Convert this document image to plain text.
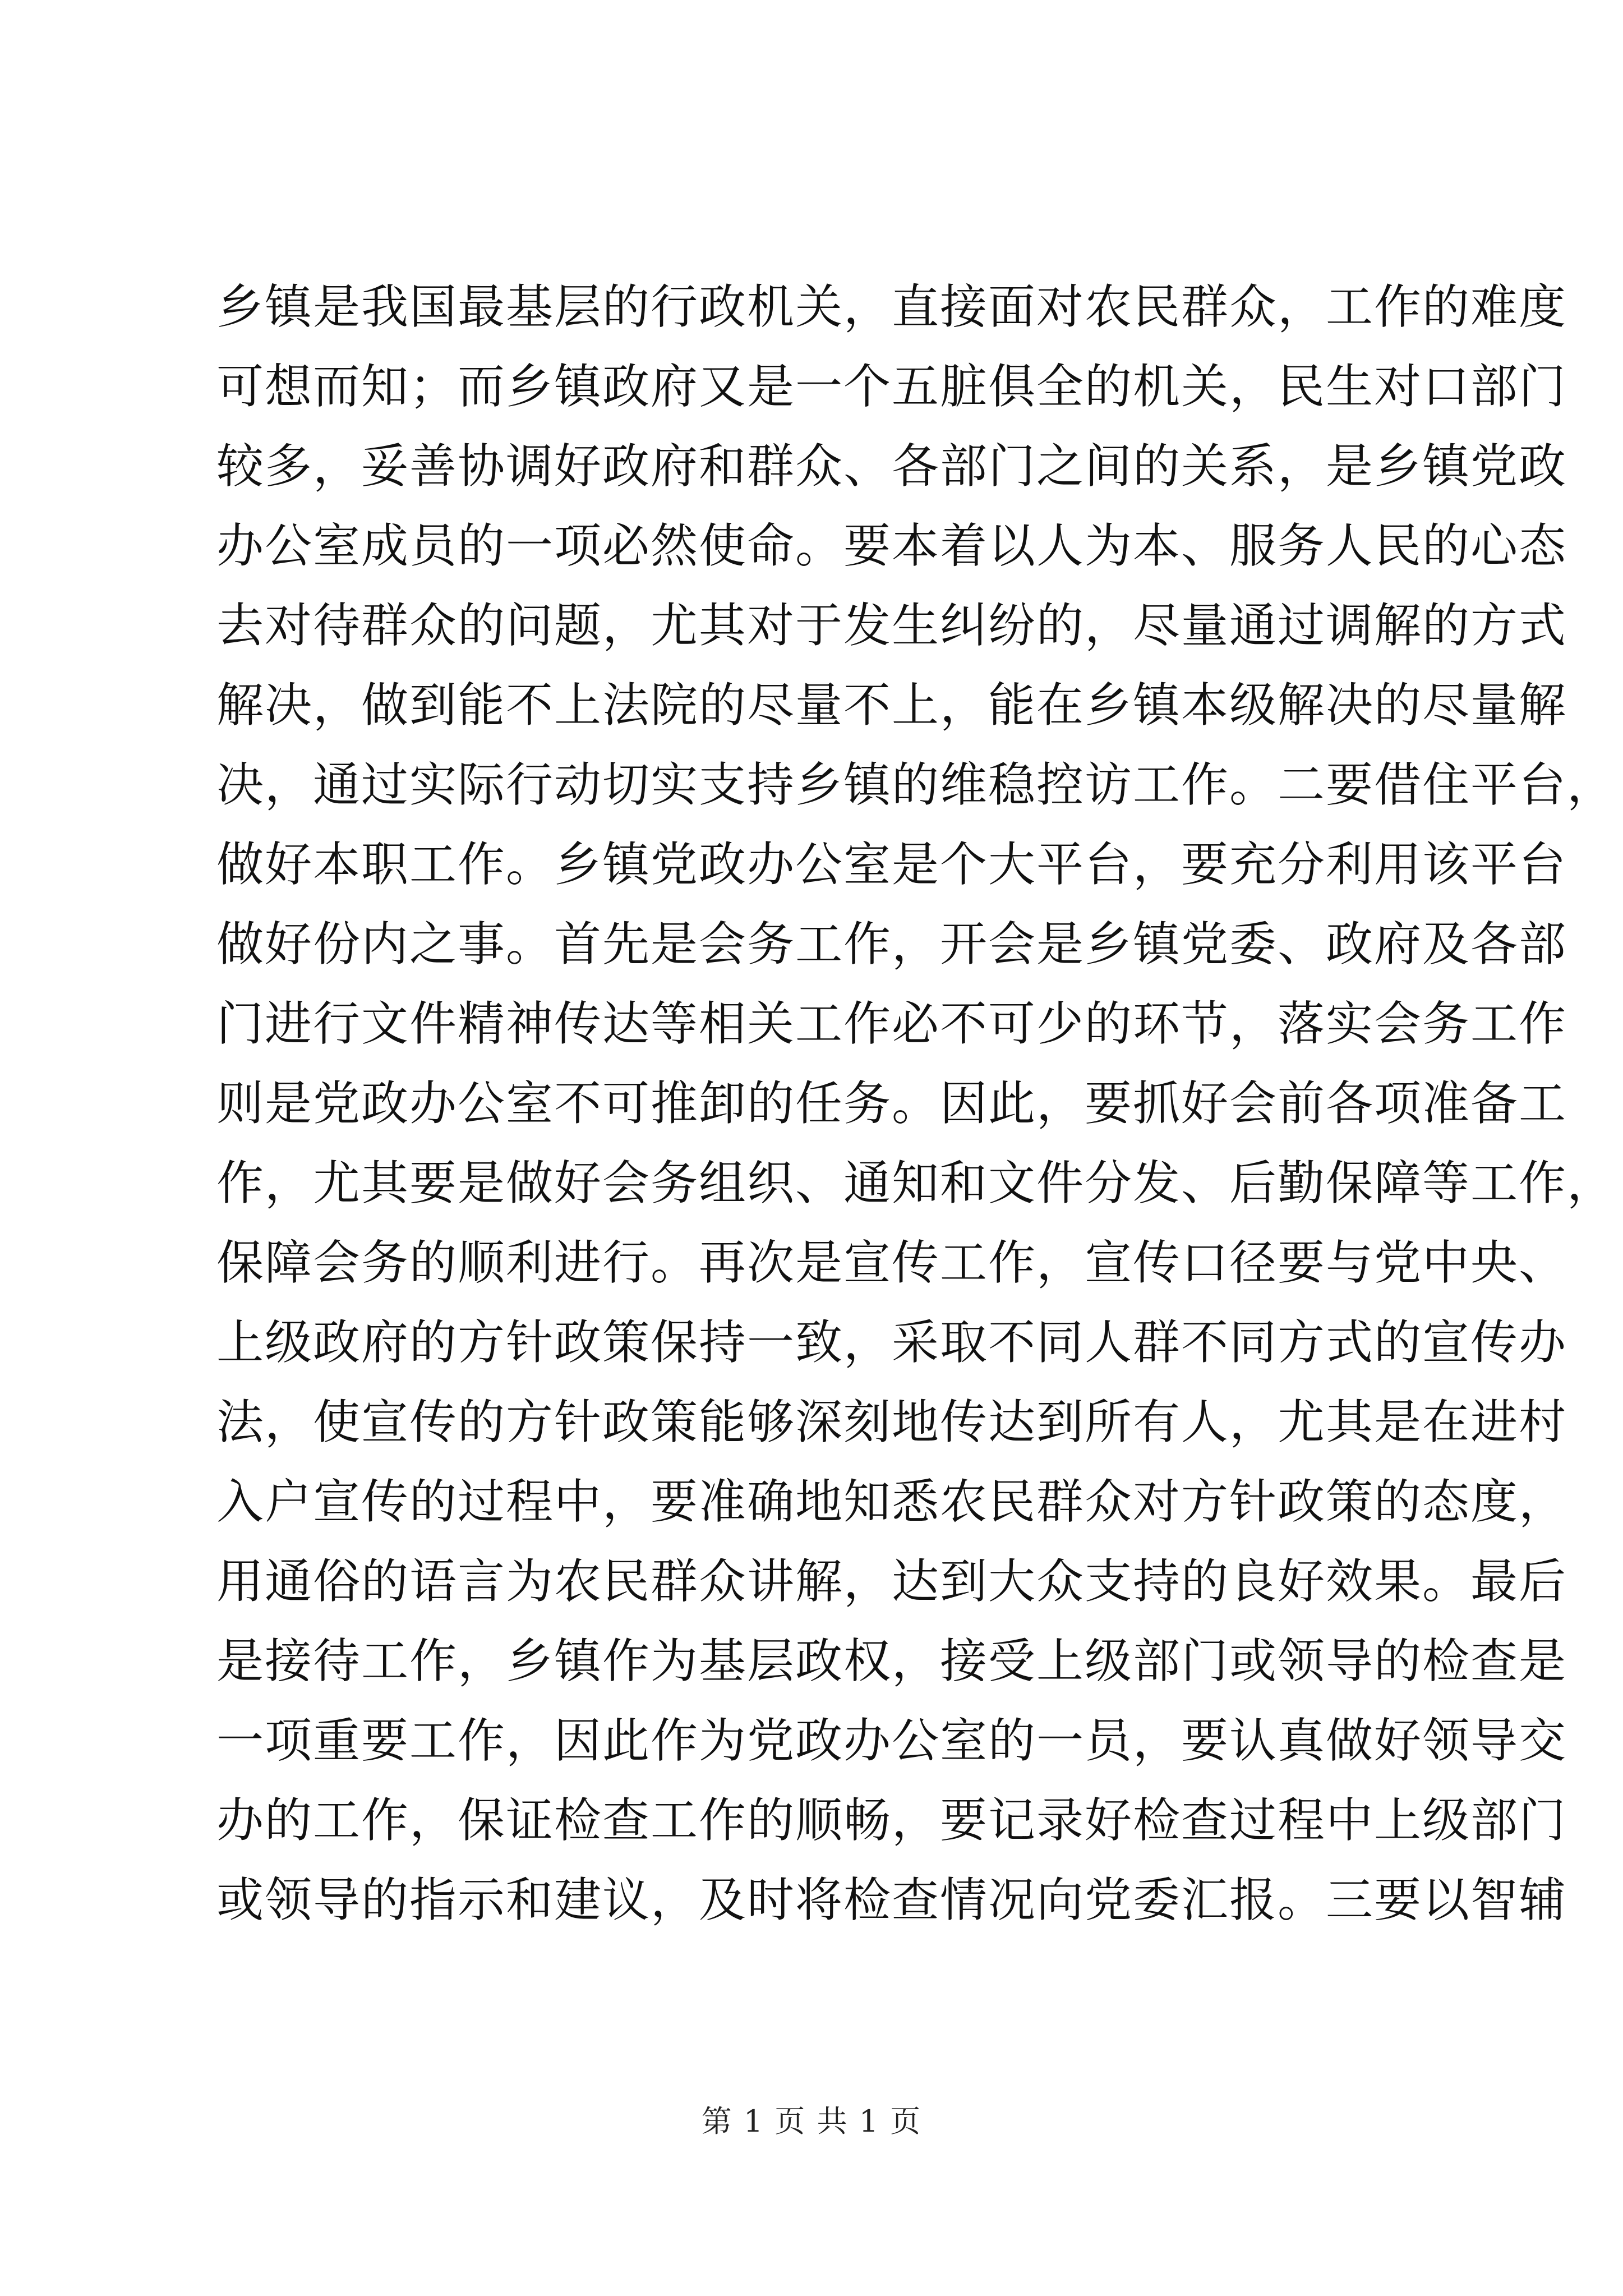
乡镇是我国最基层的行政机关，直接面对农民群众，工作的难度
可想而知；而乡镇政府又是一个五脏俱全的机关，民生对口部门
较多，妥善协调好政府和群众、各部门之间的关系，是乡镇党政
办公室成员的一项必然使命。要本着以人为本、服务人民的心态
去对待群众的问题，尤其对于发生纠纷的，尽量通过调解的方式
解决，做到能不上法院的尽量不上，能在乡镇本级解决的尽量解
决，通过实际行动切实支持乡镇的维稳控访工作。二要借住平台，
做好本职工作。乡镇党政办公室是个大平台，要充分利用该平台
做好份内之事。首先是会务工作，开会是乡镇党委、政府及各部
门进行文件精神传达等相关工作必不可少的环节，落实会务工作
则是党政办公室不可推卸的任务。因此，要抓好会前各项准备工
作，尤其要是做好会务组织、通知和文件分发、后勤保障等工作，
保障会务的顺利进行。再次是宣传工作，宣传口径要与党中央、
上级政府的方针政策保持一致，采取不同人群不同方式的宣传办
法，使宣传的方针政策能够深刻地传达到所有人，尤其是在进村
入户宣传的过程中，要准确地知悉农民群众对方针政策的态度，
用通俗的语言为农民群众讲解，达到大众支持的良好效果。最后
是接待工作，乡镇作为基层政权，接受上级部门或领导的检查是
一项重要工作，因此作为党政办公室的一员，要认真做好领导交
办的工作，保证检查工作的顺畅，要记录好检查过程中上级部门
或领导的指示和建议，及时将检查情况向党委汇报。三要以智辅
第 1 页 共 1 页
